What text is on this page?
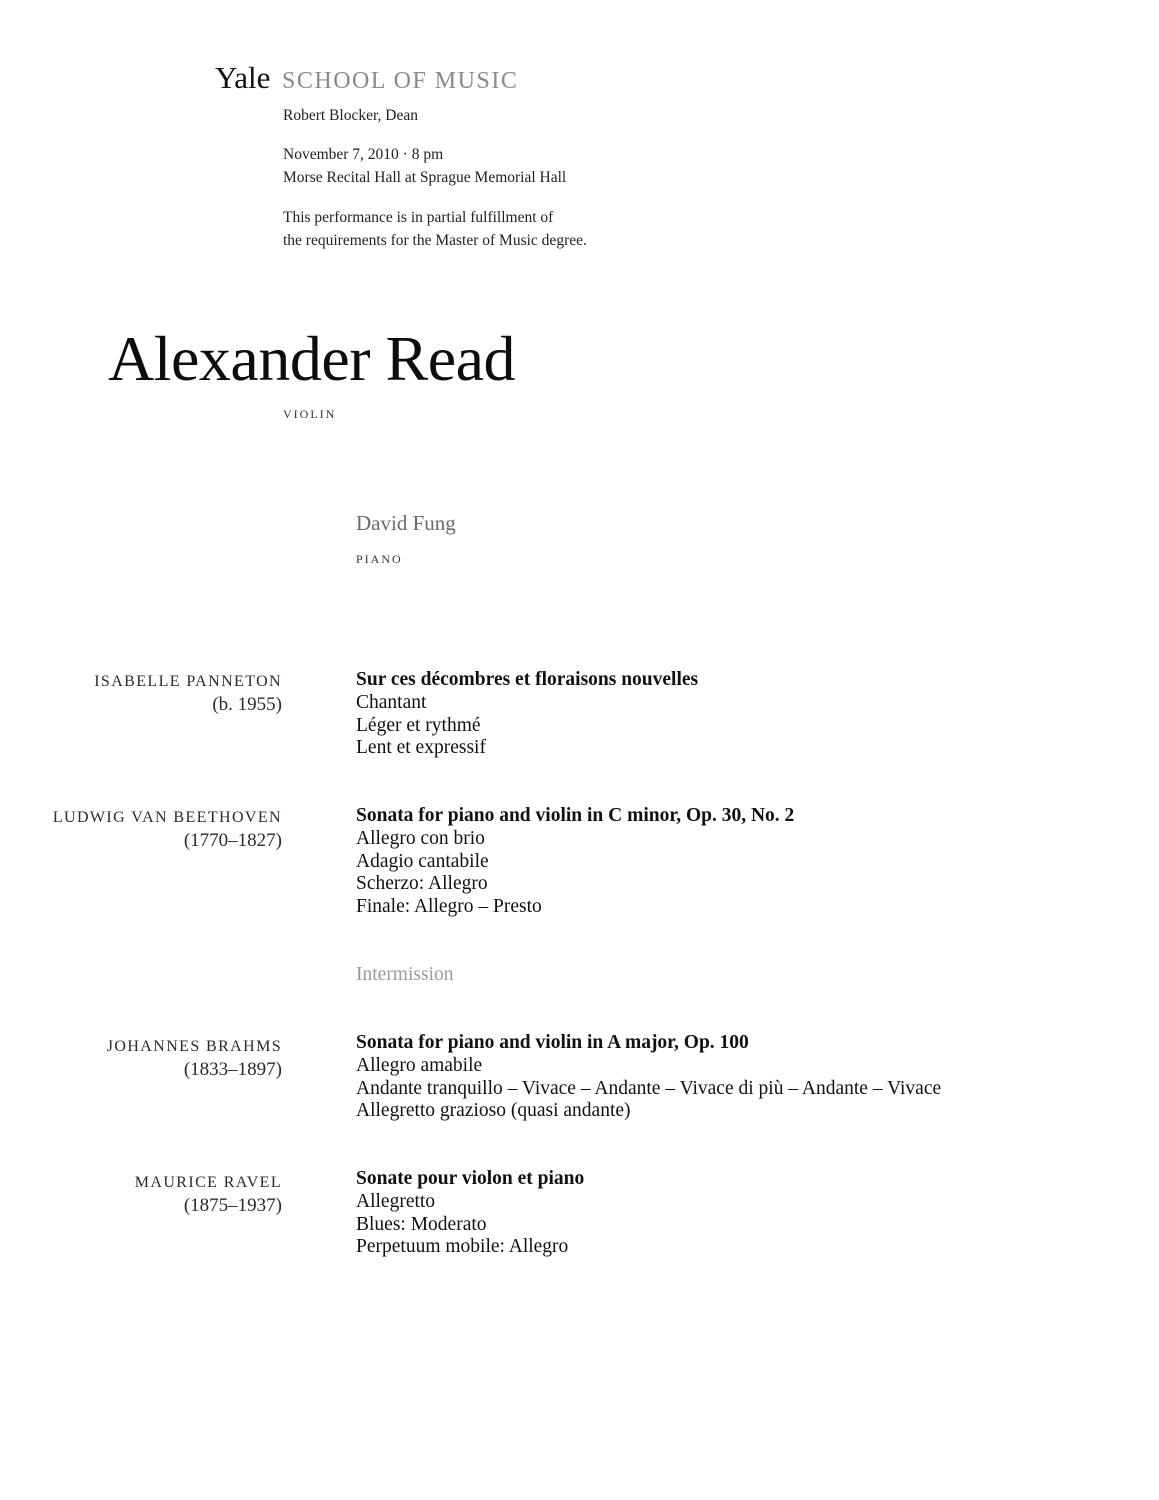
Yale SCHOOL OF MUSIC
Robert Blocker, Dean
November 7, 2010 · 8 pm
Morse Recital Hall at Sprague Memorial Hall
This performance is in partial fulfillment of
the requirements for the Master of Music degree.
Alexander Read
violin
David Fung
piano
ISABELLE PANNETON
(b. 1955)
Sur ces décombres et floraisons nouvelles
Chantant
Léger et rythmé
Lent et expressif
LUDWIG VAN BEETHOVEN
(1770–1827)
Sonata for piano and violin in C minor, Op. 30, No. 2
Allegro con brio
Adagio cantabile
Scherzo: Allegro
Finale: Allegro – Presto
Intermission
JOHANNES BRAHMS
(1833–1897)
Sonata for piano and violin in A major, Op. 100
Allegro amabile
Andante tranquillo – Vivace – Andante – Vivace di più – Andante – Vivace
Allegretto grazioso (quasi andante)
MAURICE RAVEL
(1875–1937)
Sonate pour violon et piano
Allegretto
Blues: Moderato
Perpetuum mobile: Allegro
